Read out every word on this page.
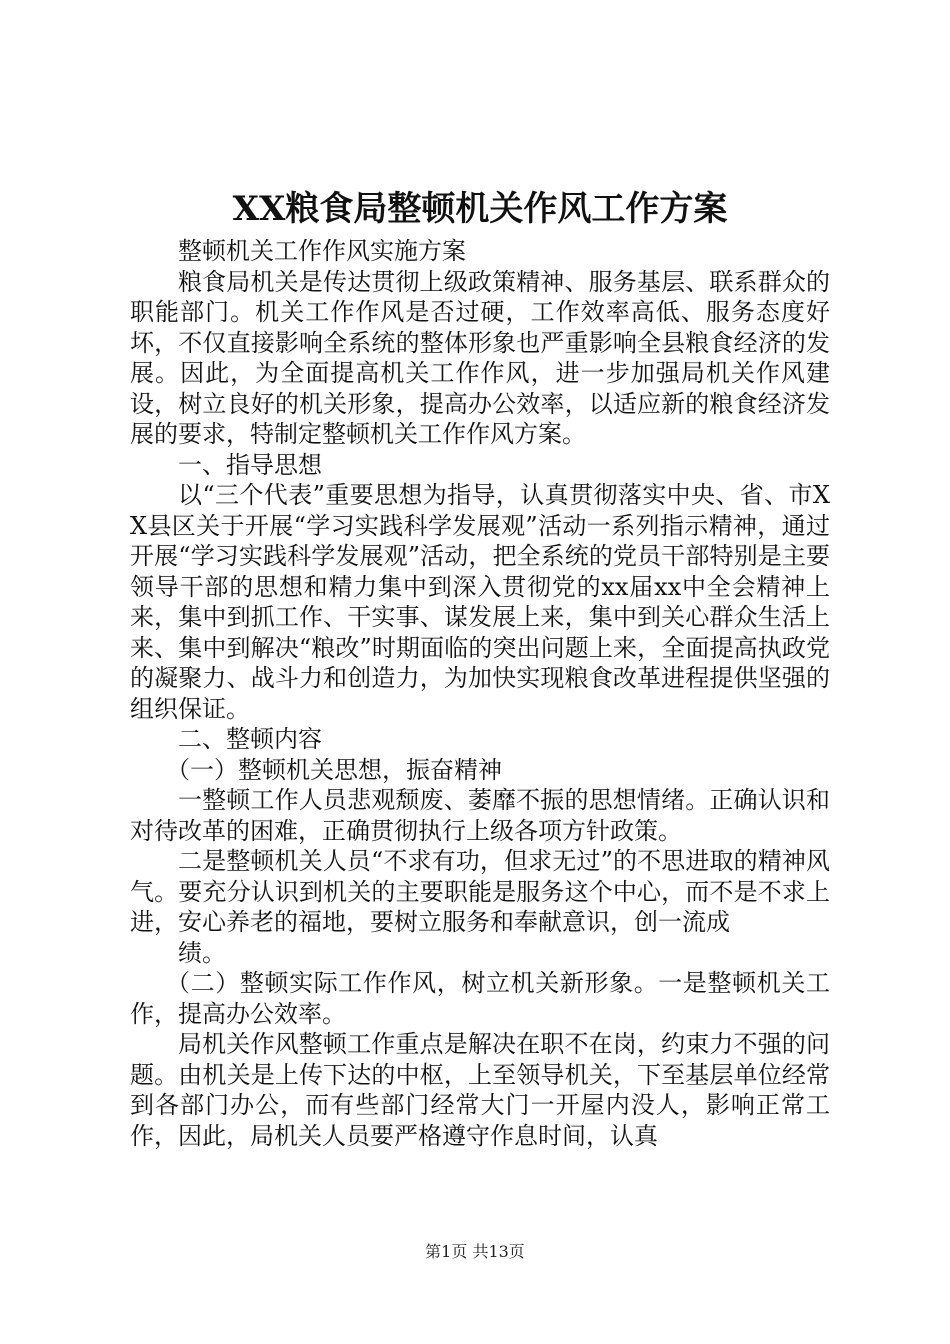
XX粮食局整顿机关作风工作方案

整顿机关工作作风实施方案

粮食局机关是传达贯彻上级政策精神、服务基层、联系群众的职能部门。机关工作作风是否过硬，工作效率高低、服务态度好坏，不仅直接影响全系统的整体形象也严重影响全县粮食经济的发展。因此，为全面提高机关工作作风，进一步加强局机关作风建设，树立良好的机关形象，提高办公效率，以适应新的粮食经济发展的要求，特制定整顿机关工作作风方案。

一、指导思想

以“三个代表”重要思想为指导，认真贯彻落实中央、省、市XX县区关于开展“学习实践科学发展观”活动一系列指示精神，通过开展“学习实践科学发展观”活动，把全系统的党员干部特别是主要领导干部的思想和精力集中到深入贯彻党的xx届xx中全会精神上来，集中到抓工作、干实事、谋发展上来，集中到关心群众生活上来、集中到解决“粮改”时期面临的突出问题上来，全面提高执政党的凝聚力、战斗力和创造力，为加快实现粮食改革进程提供坚强的组织保证。

二、整顿内容

（一）整顿机关思想，振奋精神

一整顿工作人员悲观颓废、萎靡不振的思想情绪。正确认识和对待改革的困难，正确贯彻执行上级各项方针政策。

二是整顿机关人员“不求有功，但求无过”的不思进取的精神风气。要充分认识到机关的主要职能是服务这个中心，而不是不求上进，安心养老的福地，要树立服务和奉献意识，创一流成

绩。

（二）整顿实际工作作风，树立机关新形象。一是整顿机关工作，提高办公效率。

局机关作风整顿工作重点是解决在职不在岗，约束力不强的问题。由机关是上传下达的中枢，上至领导机关，下至基层单位经常到各部门办公，而有些部门经常大门一开屋内没人，影响正常工作，因此，局机关人员要严格遵守作息时间，认真

第1页 共13页
